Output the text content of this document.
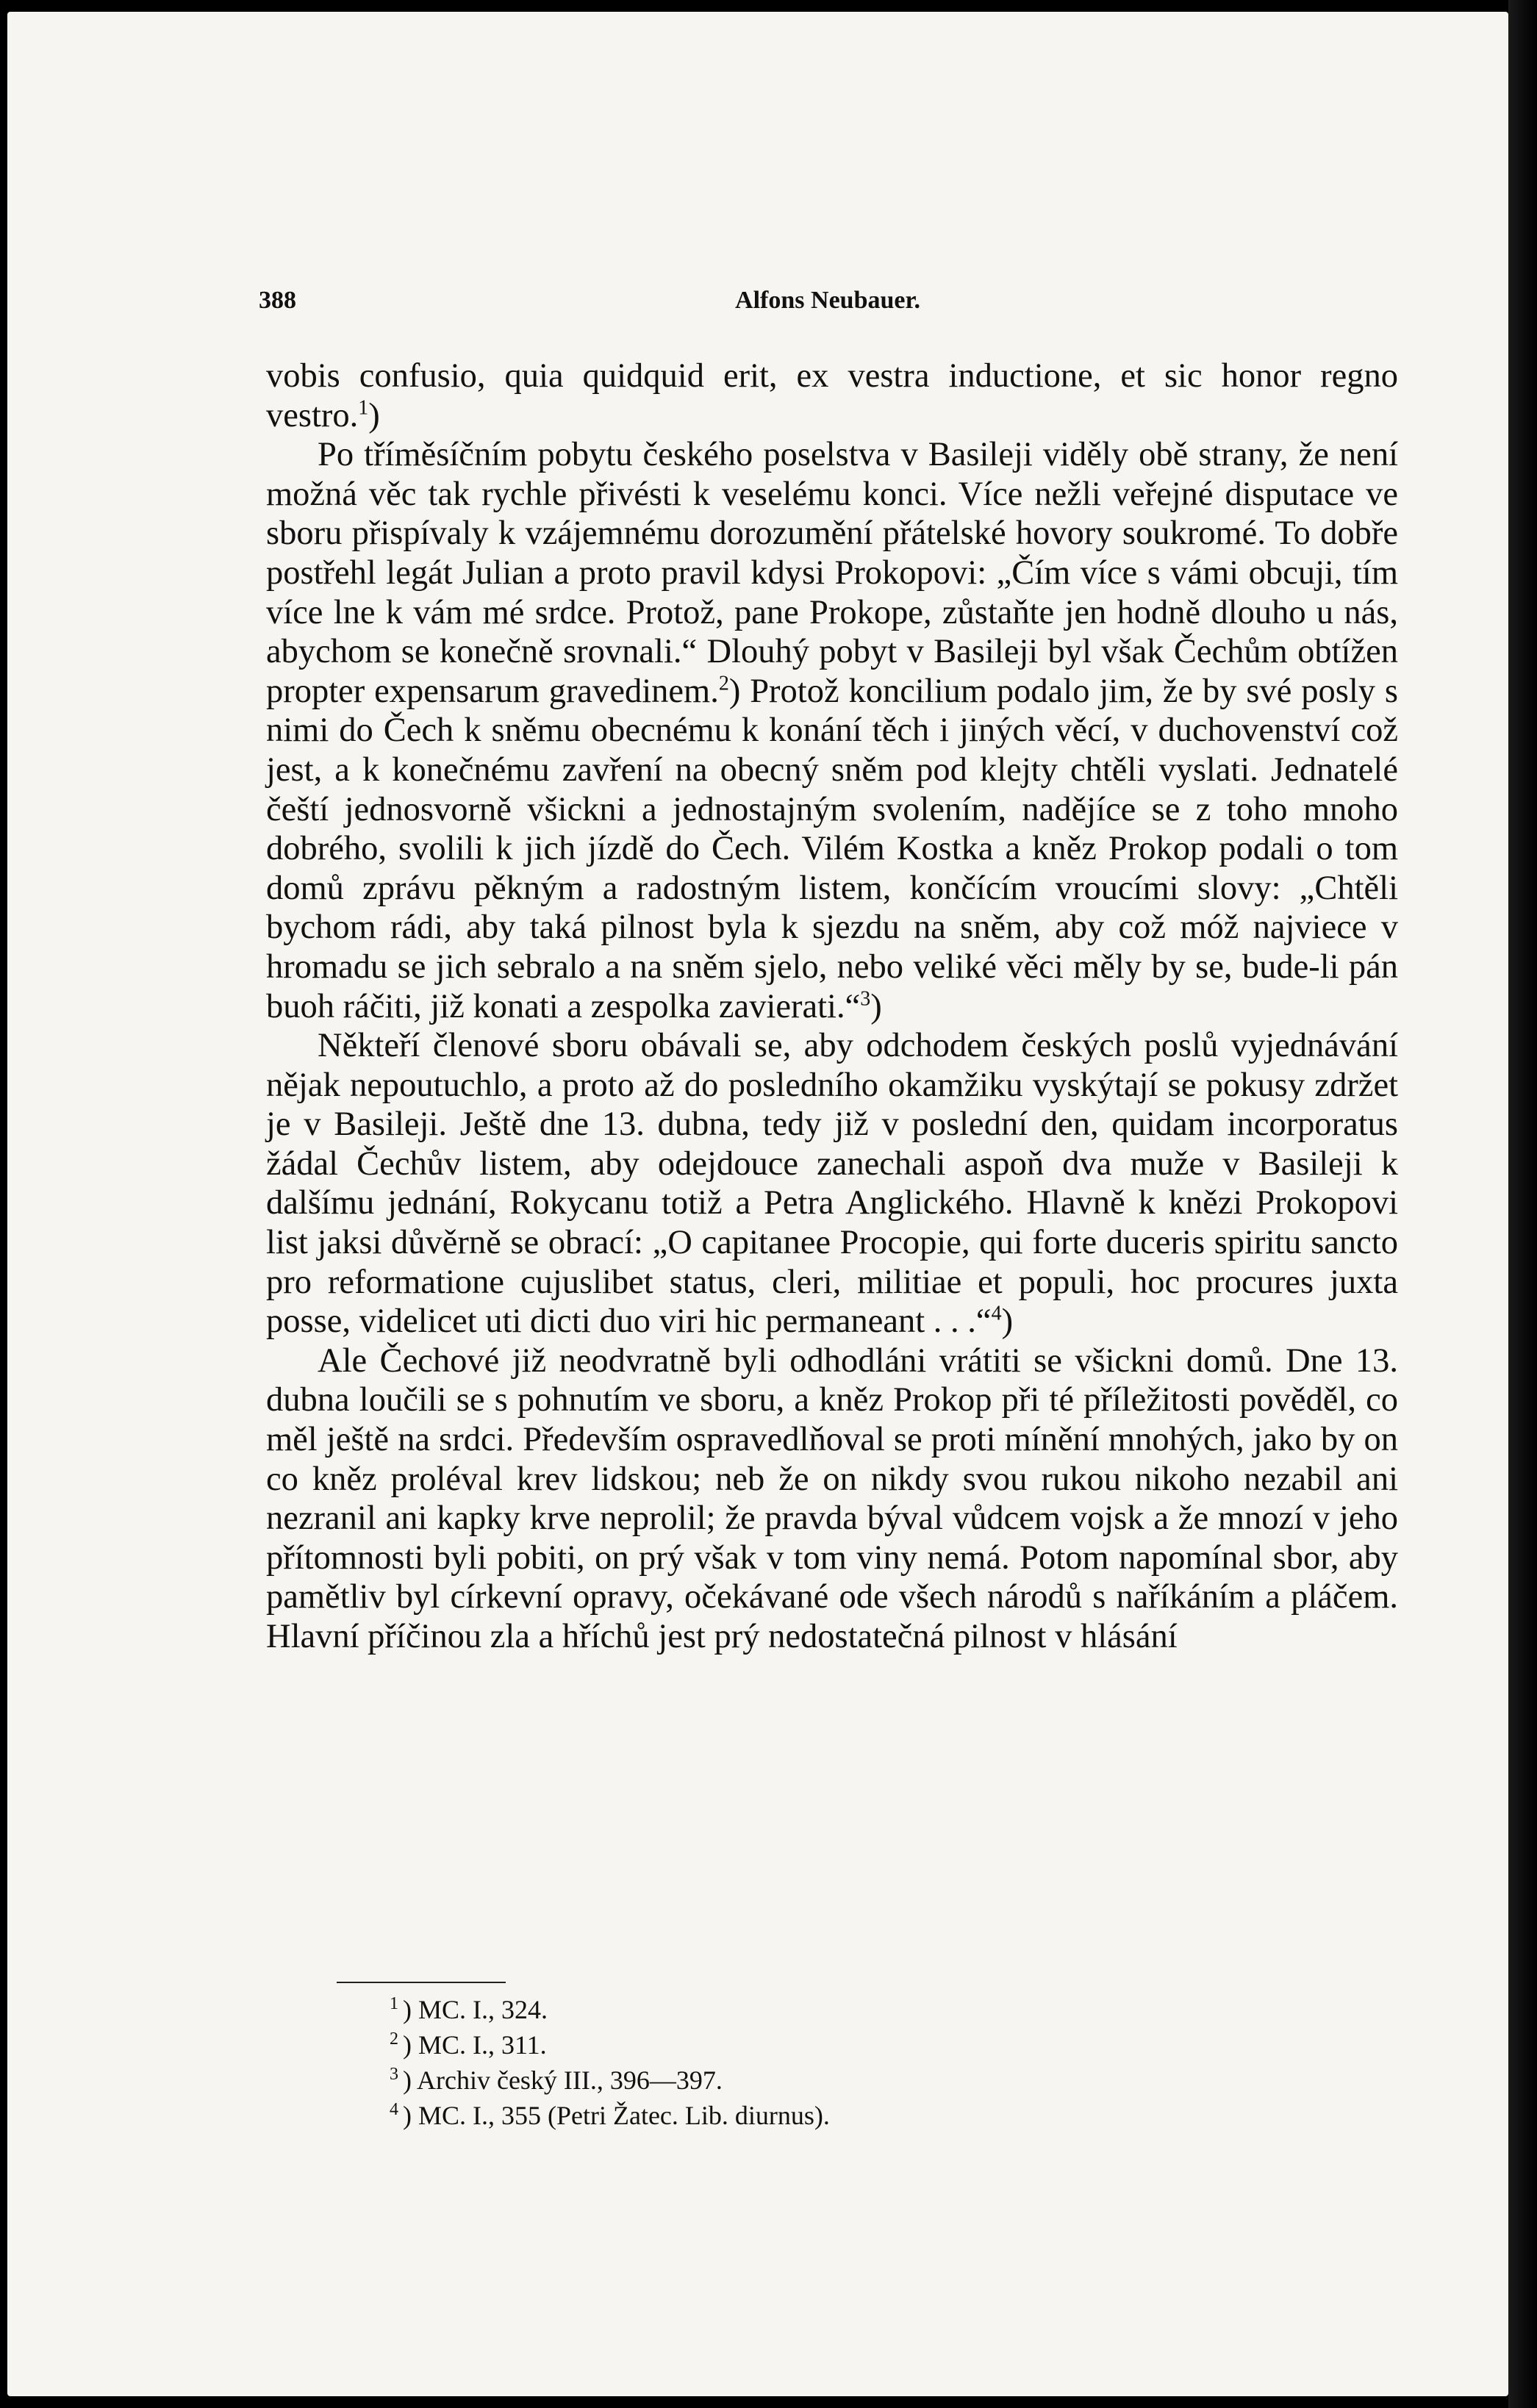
388	Alfons Neubauer.

vobis confusio, quia quidquid erit, ex vestra inductione, et sic honor regno vestro.$^1$)

Po tříměsíčním pobytu českého poselstva v Basileji viděly obě strany, že není možná věc tak rychle přivésti k veselému konci. Více nežli veřejné disputace ve sboru přispívaly k vzájemnému dorozumění přátelské hovory soukromé. To dobře postřehl legát Julian a proto pravil kdysi Prokopovi: „Čím více s vámi obcuji, tím více lne k vám mé srdce. Protož, pane Prokope, zůstaňte jen hodně dlouho u nás, abychom se konečně srovnali.“ Dlouhý pobyt v Basileji byl však Čechům obtížen propter expensarum gravedinem.$^2$) Protož koncilium podalo jim, že by své posly s nimi do Čech k sněmu obecnému k konání těch i jiných věcí, v duchovenství což jest, a k konečnému zavření na obecný sněm pod klejty chtěli vyslati. Jednatelé čeští jednosvorně všickni a jednostajným svolením, nadějíce se z toho mnoho dobrého, svolili k jich jízdě do Čech. Vilém Kostka a kněz Prokop podali o tom domů zprávu pěkným a radostným listem, končícím vroucími slovy: „Chtěli bychom rádi, aby taká pilnost byla k sjezdu na sněm, aby což móž najviece v hromadu se jich sebralo a na sněm sjelo, nebo veliké věci měly by se, bude-li pán buoh ráčiti, již konati a zespolka zavierati.“$^3$)

Někteří členové sboru obávali se, aby odchodem českých poslů vyjednávání nějak nepoutuchlo, a proto až do posledního okamžiku vyskýtají se pokusy zdržet je v Basileji. Ještě dne 13. dubna, tedy již v poslední den, quidam incorporatus žádal Čechův listem, aby odejdouce zanechali aspoň dva muže v Basileji k dalšímu jednání, Rokycanu totiž a Petra Anglického. Hlavně k knězi Prokopovi list jaksi důvěrně se obrací: „O capitanee Procopie, qui forte duceris spiritu sancto pro reformatione cujuslibet status, cleri, militiae et populi, hoc procures juxta posse, videlicet uti dicti duo viri hic permaneant . . .“$^4$)

Ale Čechové již neodvratně byli odhodláni vrátiti se všickni domů. Dne 13. dubna loučili se s pohnutím ve sboru, a kněz Prokop při té příležitosti pověděl, co měl ještě na srdci. Především ospravedlňoval se proti mínění mnohých, jako by on co kněz proléval krev lidskou; neb že on nikdy svou rukou nikoho nezabil ani nezranil ani kapky krve neprolil; že pravda býval vůdcem vojsk a že mnozí v jeho přítomnosti byli pobiti, on prý však v tom viny nemá. Potom napomínal sbor, aby pamětliv byl církevní opravy, očekávané ode všech národů s naříkáním a pláčem. Hlavní příčinou zla a hříchů jest prý nedostatečná pilnost v hlásání

$^1$ ) MC. I., 324.
$^2$ ) MC. I., 311.
$^3$ ) Archiv český III., 396—397.
$^4$ ) MC. I., 355 (Petri Žatec. Lib. diurnus).
